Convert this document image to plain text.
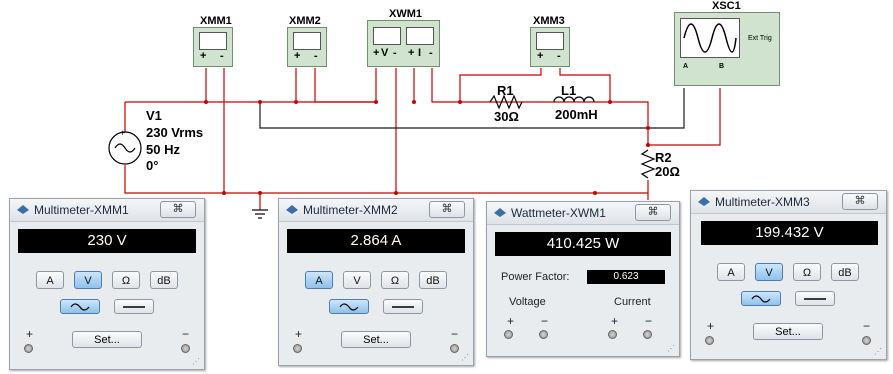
+
XMM1	XMM2
XWM1
XMM3
XSC1
V1
230 Vrms
50 Hz
0°
R1
30Ω
L1
200mH
R2
20Ω
+ -	+ -	+ V - + I -	+ -
Ext Trig
A	B
Multimeter-XMM1	⌘
230 V
A	V	Ω	dB
Set...
+	−
⋰
Multimeter-XMM2	⌘
2.864 A
A	V	Ω	dB
Set...
+	−
⋰
Wattmeter-XWM1	⌘
410.425 W
Power Factor:	0.623
Voltage	Current
+ −	+ −
⋰
Multimeter-XMM3	⌘
199.432 V
A	V	Ω	dB
Set...
+	−
⋰
